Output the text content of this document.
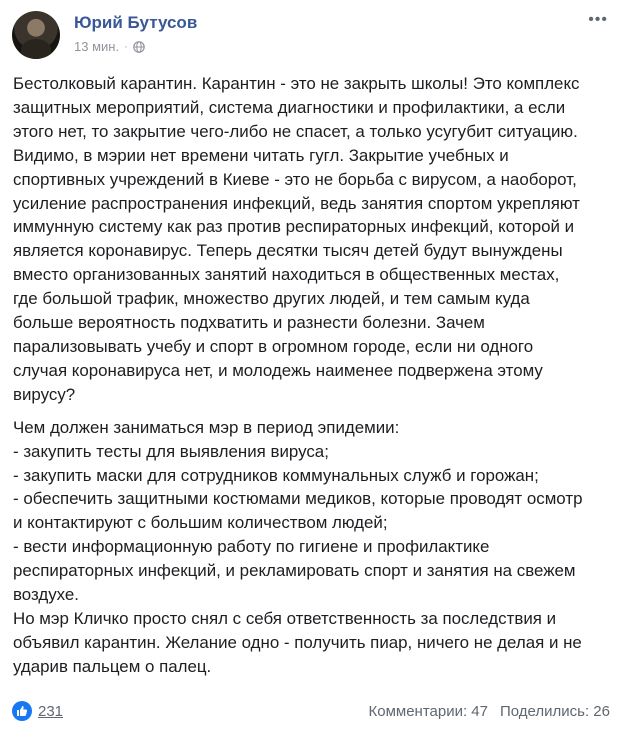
Юрий Бутусов
13 мин. ·
•••

Бестолковый карантин. Карантин - это не закрыть школы! Это комплекс
защитных мероприятий, система диагностики и профилактики, а если
этого нет, то закрытие чего-либо не спасет, а только усугубит ситуацию.
Видимо, в мэрии нет времени читать гугл. Закрытие учебных и
спортивных учреждений в Киеве - это не борьба с вирусом, а наоборот,
усиление распространения инфекций, ведь занятия спортом укрепляют
иммунную систему как раз против респираторных инфекций, которой и
является коронавирус. Теперь десятки тысяч детей будут вынуждены
вместо организованных занятий находиться в общественных местах,
где большой трафик, множество других людей, и тем самым куда
больше вероятность подхватить и разнести болезни. Зачем
парализовывать учебу и спорт в огромном городе, если ни одного
случая коронавируса нет, и молодежь наименее подвержена этому
вирусу?

Чем должен заниматься мэр в период эпидемии:
- закупить тесты для выявления вируса;
- закупить маски для сотрудников коммунальных служб и горожан;
- обеспечить защитными костюмами медиков, которые проводят осмотр
и контактируют с большим количеством людей;
- вести информационную работу по гигиене и профилактике
респираторных инфекций, и рекламировать спорт и занятия на свежем
воздухе.
Но мэр Кличко просто снял с себя ответственность за последствия и
объявил карантин. Желание одно - получить пиар, ничего не делая и не
ударив пальцем о палец.

231	Комментарии: 47 Поделились: 26
